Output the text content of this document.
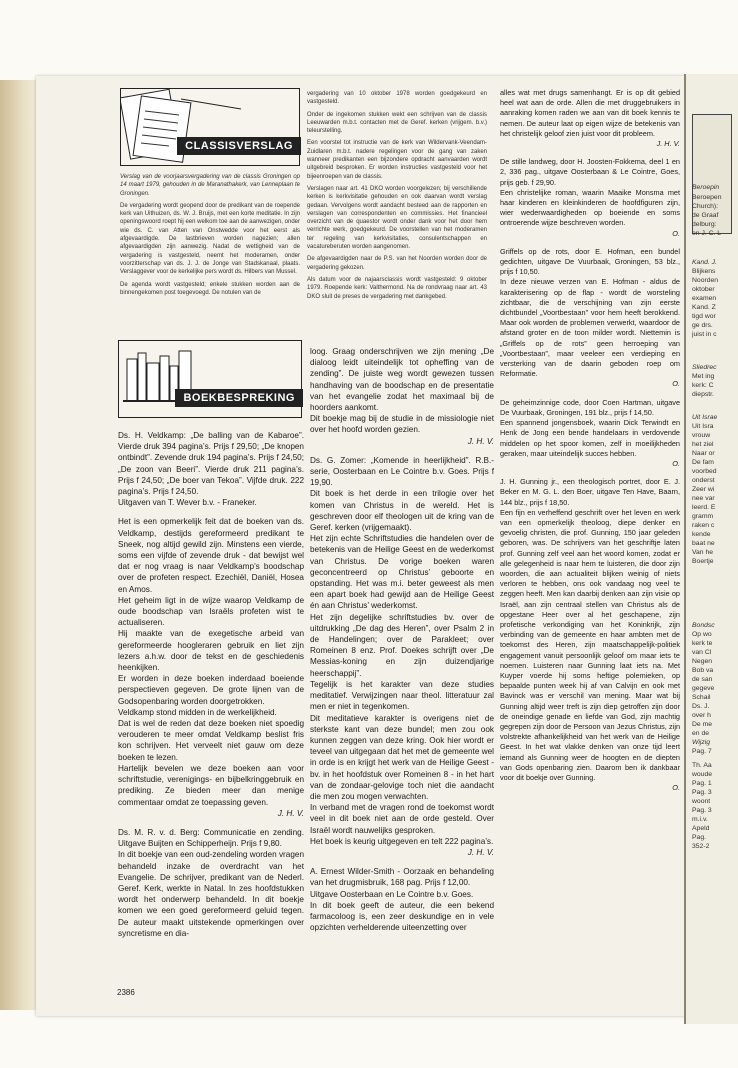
CLASSISVERSLAG

Verslag van de voorjaarsvergadering van de classis Groningen op 14 maart 1979, gehouden in de Maranathakerk, van Lenneplaan te Groningen.

De vergadering wordt geopend door de predikant van de roepende kerk van Uithuizen, ds. W. J. Bruijs, met een korte meditatie. In zijn openingswoord roept hij een welkom toe aan de aanwezigen, onder wie ds. C. van Atten van Onstwedde voor het eerst als afgevaardigde. De lastbrieven worden nagezien; allen afgevaardigden zijn aanwezig. Nadat de wettigheid van de vergadering is vastgesteld, neemt het moderamen, onder voorzitterschap van ds. J. J. de Jonge van Stadskanaal, plaats. Verslaggever voor de kerkelijke pers wordt ds. Hilbers van Mussel.

De agenda wordt vastgesteld; enkele stukken worden aan de binnengekomen post toegevoegd. De notulen van de

vergadering van 10 oktober 1978 worden goedgekeurd en vastgesteld.

Onder de ingekomen stukken wekt een schrijven van de classis Leeuwarden m.b.t. contacten met de Geref. kerken (vrijgem. b.v.) teleurstelling.

Een voorstel tot instructie van de kerk van Wildervank-Veendam-Zuidlaren m.b.t. nadere regelingen voor de gang van zaken wanneer predikanten een bijzondere opdracht aanvaarden wordt uitgebreid besproken. Er worden instructies vastgesteld voor het bijeenroepen van de classis.

Verslagen naar art. 41 DKO worden voorgelezen; bij verschillende kerken is kerkvisitatie gehouden en ook daarvan wordt verslag gedaan. Vervolgens wordt aandacht besteed aan de rapporten en verslagen van correspondenten en commissies. Het financieel overzicht van de quaestor wordt onder dank voor het door hem verrichte werk, goedgekeurd. De voorstellen van het moderamen ter regeling van kerkvisitaties, consulentschappen en vacatureberuten worden aangenomen.

De afgevaardigden naar de P.S. van het Noorden worden door de vergadering gekozen.

Als datum voor de najaarsclassis wordt vastgesteld: 9 oktober 1979. Roepende kerk: Valthermond. Na de rondvraag naar art. 43 DKO sluit de preses de vergadering met dankgebed.

BOEKBESPREKING

Ds. H. Veldkamp: „De balling van de Kabaroe”. Vierde druk 394 pagina’s. Prijs f 29,50; „De knopen ontbindt”. Zevende druk 194 pagina’s. Prijs f 24,50; „De zoon van Beeri”. Vierde druk 211 pagina’s. Prijs f 24,50; „De boer van Tekoa”. Vijfde druk. 222 pagina’s. Prijs f 24,50.

Uitgaven van T. Wever b.v. - Franeker.

Het is een opmerkelijk feit dat de boeken van ds. Veldkamp, destijds gereformeerd predikant te Sneek, nog altijd gewild zijn. Minstens een vierde, soms een vijfde of zevende druk - dat bewijst wel dat er nog vraag is naar Veldkamp’s boodschap over de profeten respect. Ezechiël, Daniël, Hosea en Amos.

Het geheim ligt in de wijze waarop Veldkamp de oude boodschap van Israëls profeten wist te actualiseren.

Hij maakte van de exegetische arbeid van gereformeerde hoogleraren gebruik en liet zijn lezers a.h.w. door de tekst en de geschiedenis heenkijken.

Er worden in deze boeken inderdaad boeiende perspectieven gegeven. De grote lijnen van de Godsopenbaring worden doorgetrokken.

Veldkamp stond midden in de werkelijkheid.

Dat is wel de reden dat deze boeken niet spoedig verouderen te meer omdat Veldkamp beslist fris kon schrijven. Het verveelt niet gauw om deze boeken te lezen.

Hartelijk bevelen we deze boeken aan voor schriftstudie, verenigings- en bijbelkringgebruik en prediking. Ze bieden meer dan menige commentaar omdat ze toepassing geven.

J. H. V.

Ds. M. R. v. d. Berg: Communicatie en zending. Uitgave Buijten en Schipperheijn. Prijs f 9,80.

In dit boekje van een oud-zendeling worden vragen behandeld inzake de overdracht van het Evangelie. De schrijver, predikant van de Nederl. Geref. Kerk, werkte in Natal. In zes hoofdstukken wordt het onderwerp behandeld. In dit boekje komen we een goed gereformeerd geluid tegen. De auteur maakt uitstekende opmerkingen over syncretisme en dia-

loog. Graag onderschrijven we zijn mening „De dialoog leidt uiteindelijk tot opheffing van de zending”. De juiste weg wordt gewezen tussen handhaving van de boodschap en de presentatie van het evangelie zodat het maximaal bij de hoorders aankomt.

Dit boekje mag bij de studie in de missiologie niet over het hoofd worden gezien.

J. H. V.

Ds. G. Zomer: „Komende in heerlijkheid”. R.B.-serie, Oosterbaan en Le Cointre b.v. Goes. Prijs f 19,90.

Dit boek is het derde in een trilogie over het komen van Christus in de wereld. Het is geschreven door elf theologen uit de kring van de Geref. kerken (vrijgemaakt).

Het zijn echte Schriftstudies die handelen over de betekenis van de Heilige Geest en de wederkomst van Christus. De vorige boeken waren geconcentreerd op Christus’ geboorte en opstanding. Het was m.i. beter geweest als men een apart boek had gewijd aan de Heilige Geest én aan Christus’ wederkomst.

Het zijn degelijke schriftstudies bv. over de uitdrukking „De dag des Heren”, over Psalm 2 in de Handelingen; over de Parakleet; over Romeinen 8 enz. Prof. Doekes schrijft over „De Messias-koning en zijn duizendjarige heerschappij”.

Tegelijk is het karakter van deze studies meditatief. Verwijzingen naar theol. litteratuur zal men er niet in tegenkomen.

Dit meditatieve karakter is overigens niet de sterkste kant van deze bundel; men zou ook kunnen zeggen van deze kring. Ook hier wordt er teveel van uitgegaan dat het met de gemeente wel in orde is en krijgt het werk van de Heilige Geest - bv. in het hoofdstuk over Romeinen 8 - in het hart van de zondaar-gelovige toch niet die aandacht die men zou mogen verwachten.

In verband met de vragen rond de toekomst wordt veel in dit boek niet aan de orde gesteld. Over Israël wordt nauwelijks gesproken.

Het boek is keurig uitgegeven en telt 222 pagina’s.

J. H. V.

A. Ernest Wilder-Smith - Oorzaak en behandeling van het drugmisbruik, 168 pag. Prijs f 12,00.

Uitgave Oosterbaan en Le Cointre b.v. Goes.

In dit boek geeft de auteur, die een bekend farmacoloog is, een zeer deskundige en in vele opzichten verhelderende uiteenzetting over

alles wat met drugs samenhangt. Er is op dit gebied heel wat aan de orde. Allen die met druggebruikers in aanraking komen raden we aan van dit boek kennis te nemen. De auteur laat op eigen wijze de betekenis van het christelijk geloof zien juist voor dit probleem.

J. H. V.

De stille landweg, door H. Joosten-Fokkema, deel 1 en 2, 336 pag., uitgave Oosterbaan & Le Cointre, Goes, prijs geb. f 29,90.

Een christelijke roman, waarin Maaike Monsma met haar kinderen en kleinkinderen de hoofdfiguren zijn, wier wederwaardigheden op boeiende en soms ontroerende wijze beschreven worden.

O.

Griffels op de rots, door E. Hofman, een bundel gedichten, uitgave De Vuurbaak, Groningen, 53 blz., prijs f 10,50.

In deze nieuwe verzen van E. Hofman - aldus de karakterisering op de flap - wordt de worsteling zichtbaar, die de verschijning van zijn eerste dichtbundel „Voortbestaan” voor hem heeft berokkend. Maar ook worden de problemen verwerkt, waardoor de afstand groter en de toon milder wordt. Niettemin is „Griffels op de rots” geen herroeping van „Voortbestaan”, maar veeleer een verdieping en versterking van de daarin geboden roep om Reformatie.

O.

De geheimzinnige code, door Coen Hartman, uitgave De Vuurbaak, Groningen, 191 blz., prijs f 14,50.

Een spannend jongensboek, waarin Dick Terwindt en Henk de Jong een bende handelaars in verdovende middelen op het spoor komen, zelf in moeilijkheden geraken, maar uiteindelijk succes hebben.

O.

J. H. Gunning jr., een theologisch portret, door E. J. Beker en M. G. L. den Boer, uitgave Ten Have, Baarn, 144 blz., prijs f 18,50.

Een fijn en verheffend geschrift over het leven en werk van een opmerkelijk theoloog, diepe denker en gevoelig christen, die prof. Gunning, 150 jaar geleden geboren, was. De schrijvers van het geschriftje laten prof. Gunning zelf veel aan het woord komen, zodat er alle gelegenheid is naar hem te luisteren, die door zijn woorden, die aan actualiteit blijken weinig of niets verloren te hebben, ons ook vandaag nog veel te zeggen heeft. Men kan daarbij denken aan zijn visie op Israël, aan zijn centraal stellen van Christus als de opgestane Heer over al het geschapene, zijn profetische verkondiging van het Koninkrijk, zijn verbinding van de gemeente en haar ambten met de toekomst des Heren, zijn maatschappelijk-politiek engagement vanuit persoonlijk geloof om maar iets te noemen. Luisteren naar Gunning laat iets na. Met Kuyper voerde hij soms heftige polemieken, op bepaalde punten week hij af van Calvijn en ook met Bavinck was er verschil van mening. Maar wat bij Gunning altijd weer treft is zijn diep getroffen zijn door de oneindige genade en liefde van God, zijn machtig gegrepen zijn door de Persoon van Jezus Christus, zijn volstrekte afhankelijkheid van het werk van de Heilige Geest. In het wat vlakke denken van onze tijd leert iemand als Gunning weer de hoogten en de diepten van Gods openbaring zien. Daarom ben ik dankbaar voor dit boekje over Gunning.

O.

2386
Beroepin
Beroepen
Church):
de Graaf
delburg:
en J. C. L
Kand. J.
Blijkens
Noorden
oktober
examen
Kand. Z
tigd wor
ge drs.
juist in c
Sliedrec
Met ing
kerk: C
diepstr.
Uit Israe
Uit Isra
vrouw
het ziel
Naar or
De fam
voorbed
onderst
Zeer wi
nee var
leerd. E
gramm
raken c
kende
baat ne
Van he
Boertje
Bondsc
Op wo
kerk te
van Cl
Negen
Bob va
de san
gegeve
Schail
Ds. J.
over h
De me
en de
Wijzig
Pag. 7
Th. Aa
woude
Pag. 1
Pag. 3
woont
Pag. 3
m.i.v.
Apeld
Pag.
352-2
